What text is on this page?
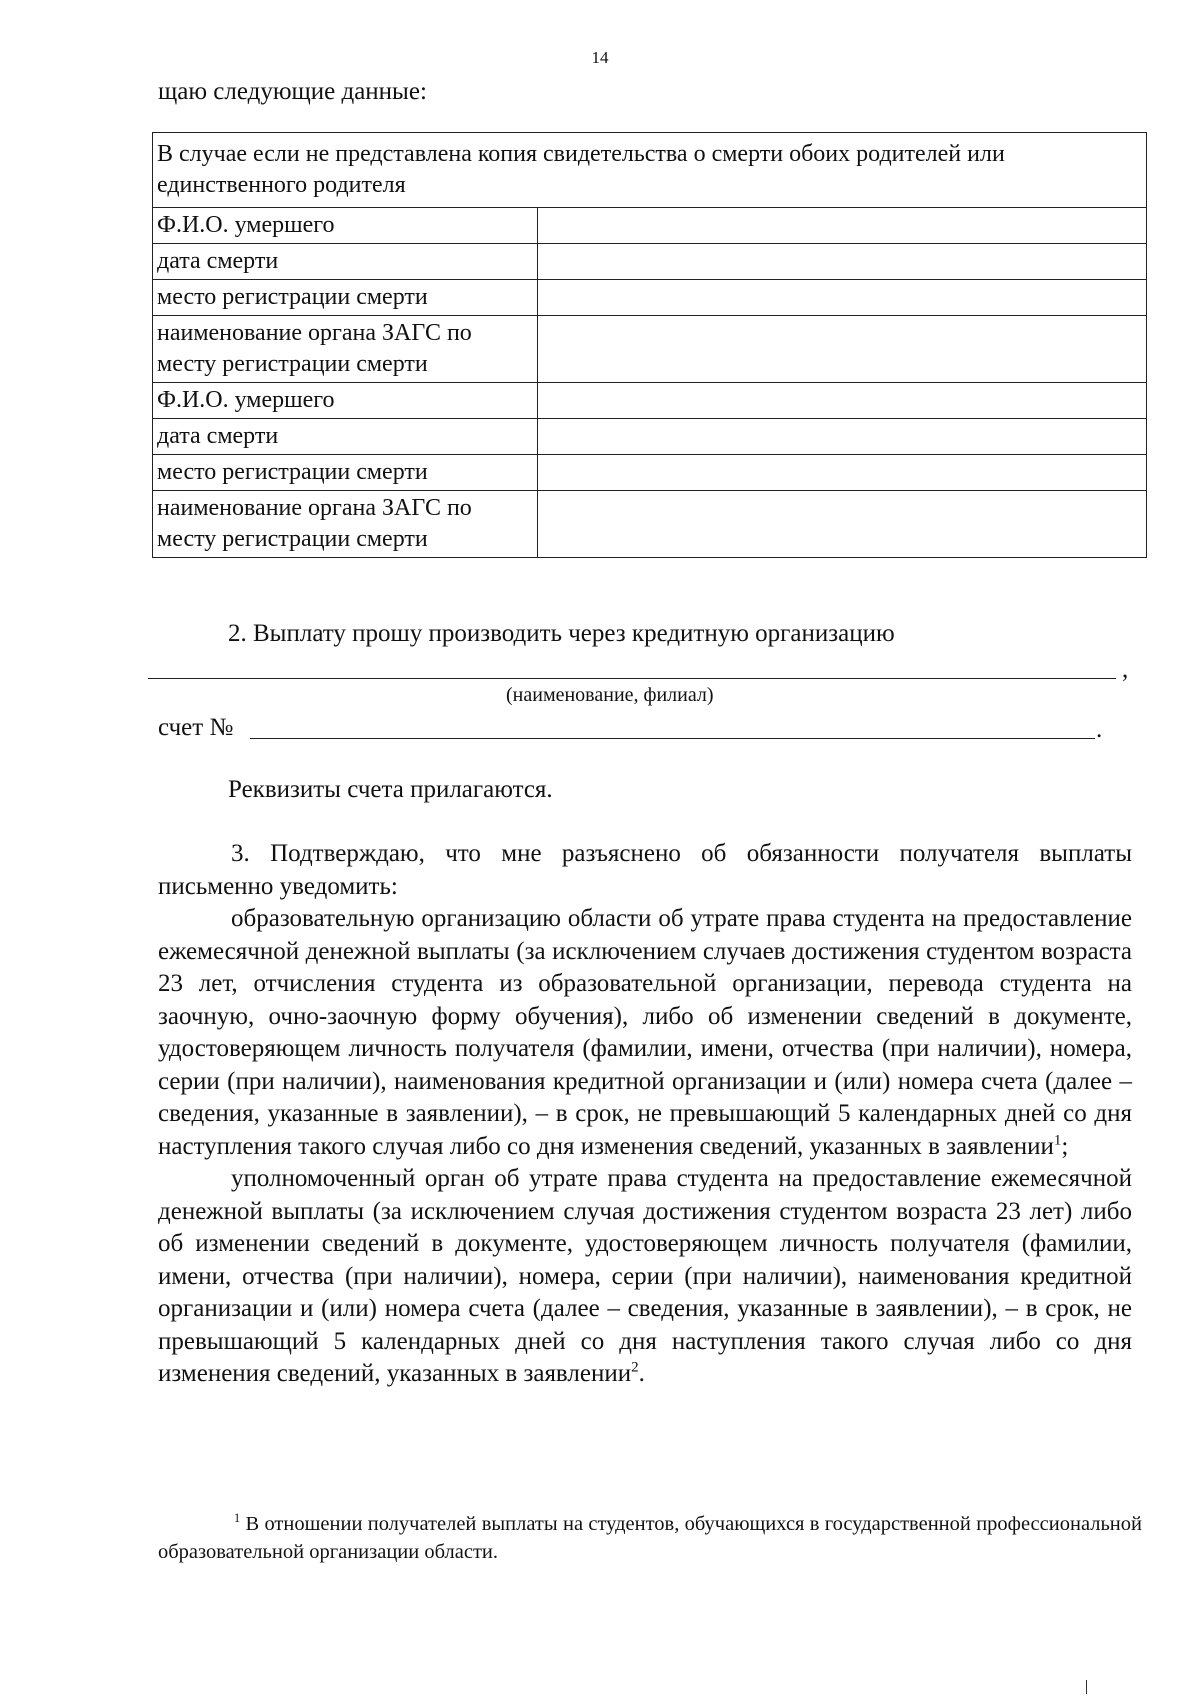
14
щаю следующие данные:
В случае если не представлена копия свидетельства о смерти обоих родителей или единственного родителя	
Ф.И.О. умершего	
дата смерти	
место регистрации смерти	
наименование органа ЗАГС по месту регистрации смерти	
Ф.И.О. умершего	
дата смерти	
место регистрации смерти	
наименование органа ЗАГС по месту регистрации смерти	
2. Выплату прошу производить через кредитную организацию
,
(наименование, филиал)
счет №	.
Реквизиты счета прилагаются.

3. Подтверждаю, что мне разъяснено об обязанности получателя выплаты письменно уведомить:

образовательную организацию области об утрате права студента на предоставление ежемесячной денежной выплаты (за исключением случаев достижения студентом возраста 23 лет, отчисления студента из образовательной организации, перевода студента на заочную, очно-заочную форму обучения), либо об изменении сведений в документе, удостоверяющем личность получателя (фамилии, имени, отчества (при наличии), номера, серии (при наличии), наименования кредитной организации и (или) номера счета (далее – сведения, указанные в заявлении), – в срок, не превышающий 5 календарных дней со дня наступления такого случая либо со дня изменения сведений, указанных в заявлении$^1$;

уполномоченный орган об утрате права студента на предоставление ежемесячной денежной выплаты (за исключением случая достижения студентом возраста 23 лет) либо об изменении сведений в документе, удостоверяющем личность получателя (фамилии, имени, отчества (при наличии), номера, серии (при наличии), наименования кредитной организации и (или) номера счета (далее – сведения, указанные в заявлении), – в срок, не превышающий 5 календарных дней со дня наступления такого случая либо со дня изменения сведений, указанных в заявлении$^2$.

$^1$ В отношении получателей выплаты на студентов, обучающихся в государственной профессиональной образовательной организации области.
